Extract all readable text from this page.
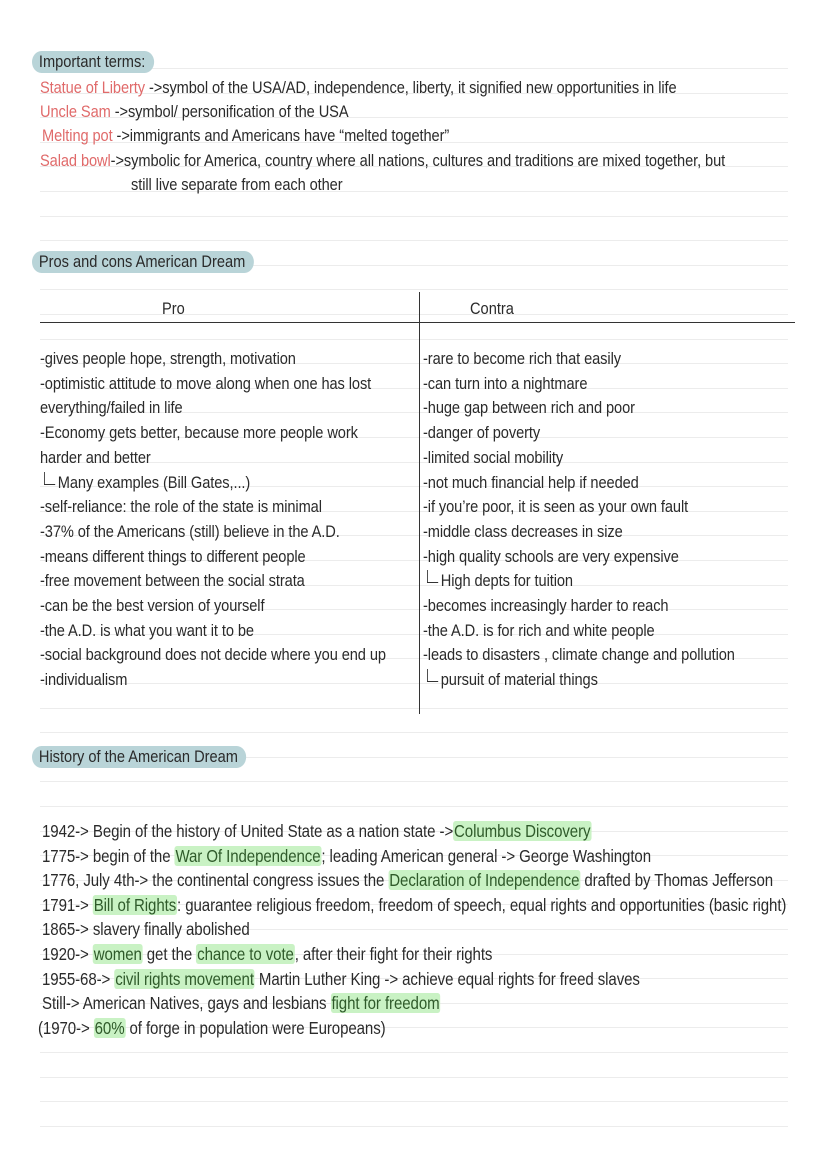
Important terms:
Statue of Liberty ->symbol of the USA/AD, independence, liberty, it signified new opportunities in life
Uncle Sam ->symbol/ personification of the USA
Melting pot ->immigrants and Americans have “melted together”
Salad bowl->symbolic for America, country where all nations, cultures and traditions are mixed together, but
still live separate from each other
Pros and cons American Dream
Pro	Contra
-gives people hope, strength, motivation
-optimistic attitude to move along when one has lost
everything/failed in life
-Economy gets better, because more people work
harder and better
Many examples (Bill Gates,...)
-self-reliance: the role of the state is minimal
-37% of the Americans (still) believe in the A.D.
-means different things to different people
-free movement between the social strata
-can be the best version of yourself
-the A.D. is what you want it to be
-social background does not decide where you end up
-individualism
-rare to become rich that easily
-can turn into a nightmare
-huge gap between rich and poor
-danger of poverty
-limited social mobility
-not much financial help if needed
-if you’re poor, it is seen as your own fault
-middle class decreases in size
-high quality schools are very expensive
High depts for tuition
-becomes increasingly harder to reach
-the A.D. is for rich and white people
-leads to disasters , climate change and pollution
pursuit of material things
History of the American Dream
1942-> Begin of the history of United State as a nation state ->Columbus Discovery
1775-> begin of the War Of Independence; leading American general -> George Washington
1776, July 4th-> the continental congress issues the Declaration of Independence drafted by Thomas Jefferson
1791-> Bill of Rights: guarantee religious freedom, freedom of speech, equal rights and opportunities (basic right)
1865-> slavery finally abolished
1920-> women get the chance to vote, after their fight for their rights
1955-68-> civil rights movement Martin Luther King -> achieve equal rights for freed slaves
Still-> American Natives, gays and lesbians fight for freedom
(1970-> 60% of forge in population were Europeans)
